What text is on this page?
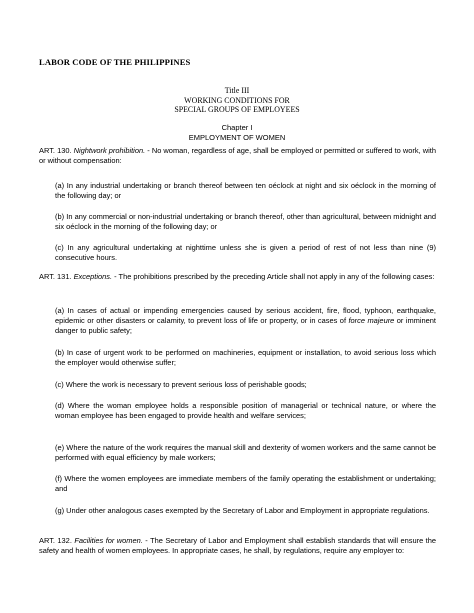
LABOR CODE OF THE PHILIPPINES
Title III
WORKING CONDITIONS FOR
SPECIAL GROUPS OF EMPLOYEES
Chapter I
EMPLOYMENT OF WOMEN

ART. 130. Nightwork prohibition. - No woman, regardless of age, shall be employed or permitted or suffered to work, with or without compensation:

(a) In any industrial undertaking or branch thereof between ten oéclock at night and six oéclock in the morning of the following day; or

(b) In any commercial or non-industrial undertaking or branch thereof, other than agricultural, between midnight and six oéclock in the morning of the following day; or

(c) In any agricultural undertaking at nighttime unless she is given a period of rest of not less than nine (9) consecutive hours.

ART. 131. Exceptions. - The prohibitions prescribed by the preceding Article shall not apply in any of the following cases:

(a) In cases of actual or impending emergencies caused by serious accident, fire, flood, typhoon, earthquake, epidemic or other disasters or calamity, to prevent loss of life or property, or in cases of force majeure or imminent danger to public safety;

(b) In case of urgent work to be performed on machineries, equipment or installation, to avoid serious loss which the employer would otherwise suffer;

(c) Where the work is necessary to prevent serious loss of perishable goods;

(d) Where the woman employee holds a responsible position of managerial or technical nature, or where the woman employee has been engaged to provide health and welfare services;

(e) Where the nature of the work requires the manual skill and dexterity of women workers and the same cannot be performed with equal efficiency by male workers;

(f) Where the women employees are immediate members of the family operating the establishment or undertaking; and

(g) Under other analogous cases exempted by the Secretary of Labor and Employment in appropriate regulations.

ART. 132. Facilities for women. - The Secretary of Labor and Employment shall establish standards that will ensure the safety and health of women employees. In appropriate cases, he shall, by regulations, require any employer to:
